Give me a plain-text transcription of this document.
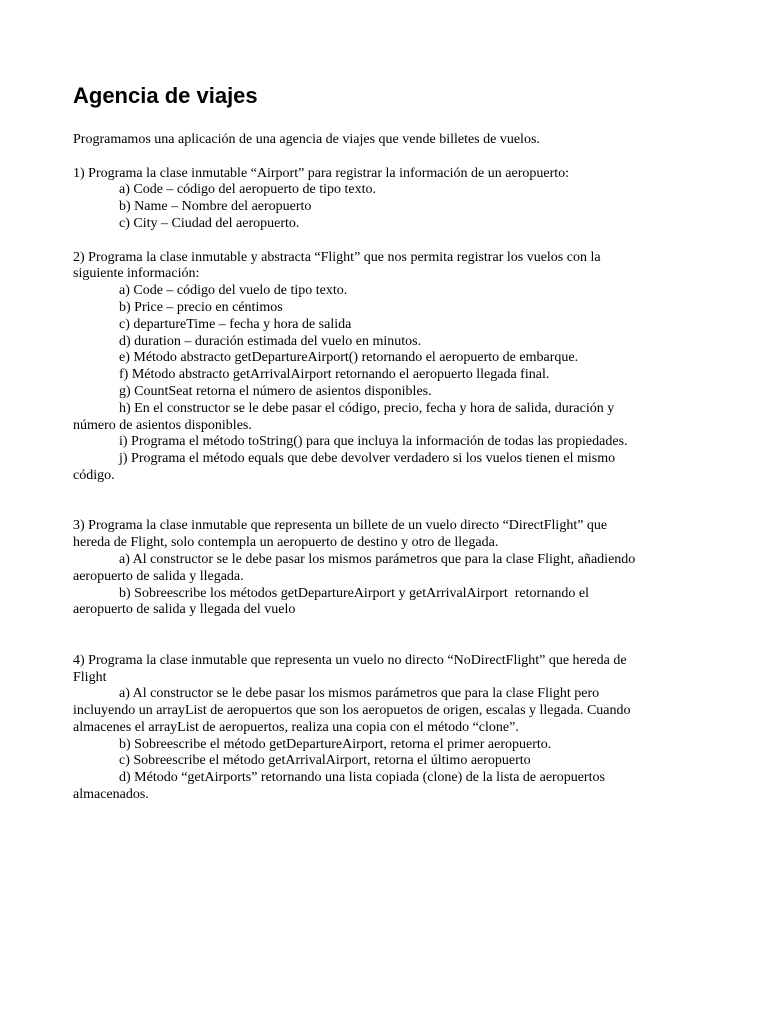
Agencia de viajes
Programamos una aplicación de una agencia de viajes que vende billetes de vuelos.
1) Programa la clase inmutable “Airport” para registrar la información de un aeropuerto:
a) Code – código del aeropuerto de tipo texto.
b) Name – Nombre del aeropuerto
c) City – Ciudad del aeropuerto.
2) Programa la clase inmutable y abstracta “Flight” que nos permita registrar los vuelos con la
siguiente información:
a) Code – código del vuelo de tipo texto.
b) Price – precio en céntimos
c) departureTime – fecha y hora de salida
d) duration – duración estimada del vuelo en minutos.
e) Método abstracto getDepartureAirport() retornando el aeropuerto de embarque.
f) Método abstracto getArrivalAirport retornando el aeropuerto llegada final.
g) CountSeat retorna el número de asientos disponibles.
h) En el constructor se le debe pasar el código, precio, fecha y hora de salida, duración y
número de asientos disponibles.
i) Programa el método toString() para que incluya la información de todas las propiedades.
j) Programa el método equals que debe devolver verdadero si los vuelos tienen el mismo
código.
3) Programa la clase inmutable que representa un billete de un vuelo directo “DirectFlight” que
hereda de Flight, solo contempla un aeropuerto de destino y otro de llegada.
a) Al constructor se le debe pasar los mismos parámetros que para la clase Flight, añadiendo
aeropuerto de salida y llegada.
b) Sobreescribe los métodos getDepartureAirport y getArrivalAirport  retornando el
aeropuerto de salida y llegada del vuelo
4) Programa la clase inmutable que representa un vuelo no directo “NoDirectFlight” que hereda de
Flight
a) Al constructor se le debe pasar los mismos parámetros que para la clase Flight pero
incluyendo un arrayList de aeropuertos que son los aeropuetos de origen, escalas y llegada. Cuando
almacenes el arrayList de aeropuertos, realiza una copia con el método “clone”.
b) Sobreescribe el método getDepartureAirport, retorna el primer aeropuerto.
c) Sobreescribe el método getArrivalAirport, retorna el último aeropuerto
d) Método “getAirports” retornando una lista copiada (clone) de la lista de aeropuertos
almacenados.
